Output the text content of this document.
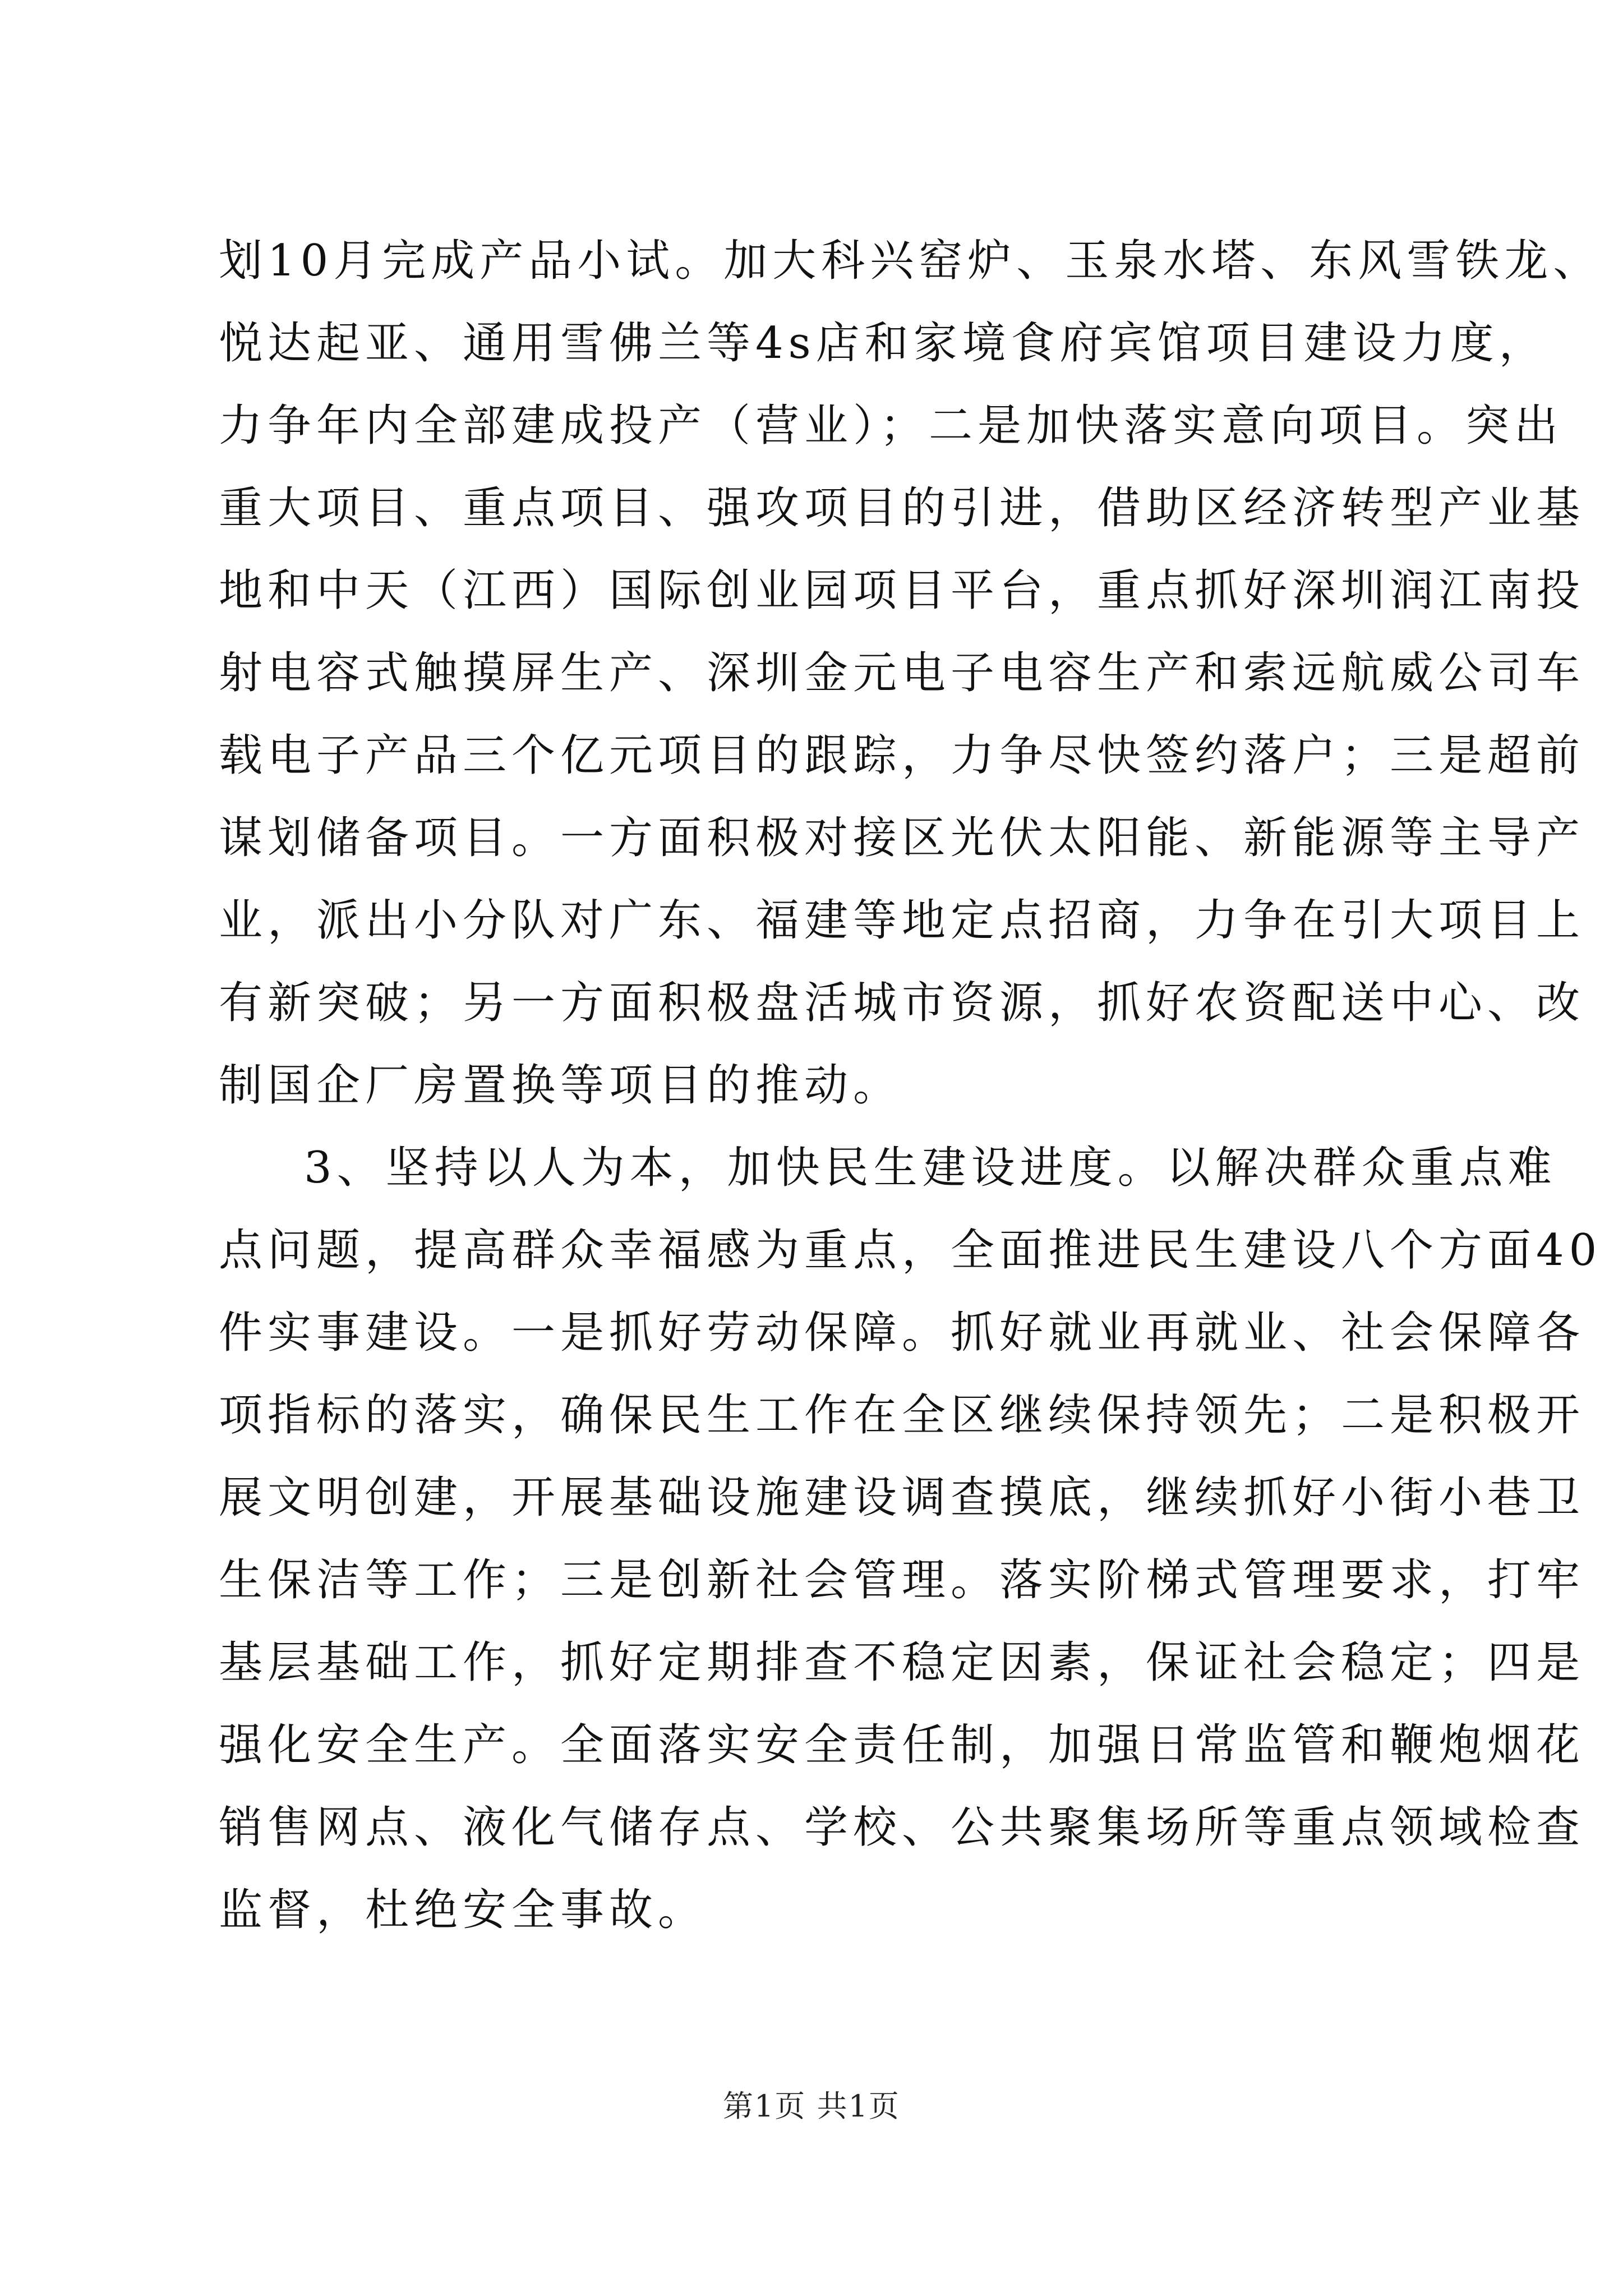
划10月完成产品小试。加大科兴窑炉、玉泉水塔、东风雪铁龙、
悦达起亚、通用雪佛兰等4s店和家境食府宾馆项目建设力度，
力争年内全部建成投产（营业）；二是加快落实意向项目。突出
重大项目、重点项目、强攻项目的引进，借助区经济转型产业基
地和中天（江西）国际创业园项目平台，重点抓好深圳润江南投
射电容式触摸屏生产、深圳金元电子电容生产和索远航威公司车
载电子产品三个亿元项目的跟踪，力争尽快签约落户；三是超前
谋划储备项目。一方面积极对接区光伏太阳能、新能源等主导产
业，派出小分队对广东、福建等地定点招商，力争在引大项目上
有新突破；另一方面积极盘活城市资源，抓好农资配送中心、改
制国企厂房置换等项目的推动。
3、坚持以人为本，加快民生建设进度。以解决群众重点难
点问题，提高群众幸福感为重点，全面推进民生建设八个方面40
件实事建设。一是抓好劳动保障。抓好就业再就业、社会保障各
项指标的落实，确保民生工作在全区继续保持领先；二是积极开
展文明创建，开展基础设施建设调查摸底，继续抓好小街小巷卫
生保洁等工作；三是创新社会管理。落实阶梯式管理要求，打牢
基层基础工作，抓好定期排查不稳定因素，保证社会稳定；四是
强化安全生产。全面落实安全责任制，加强日常监管和鞭炮烟花
销售网点、液化气储存点、学校、公共聚集场所等重点领域检查
监督，杜绝安全事故。
第1页 共1页
